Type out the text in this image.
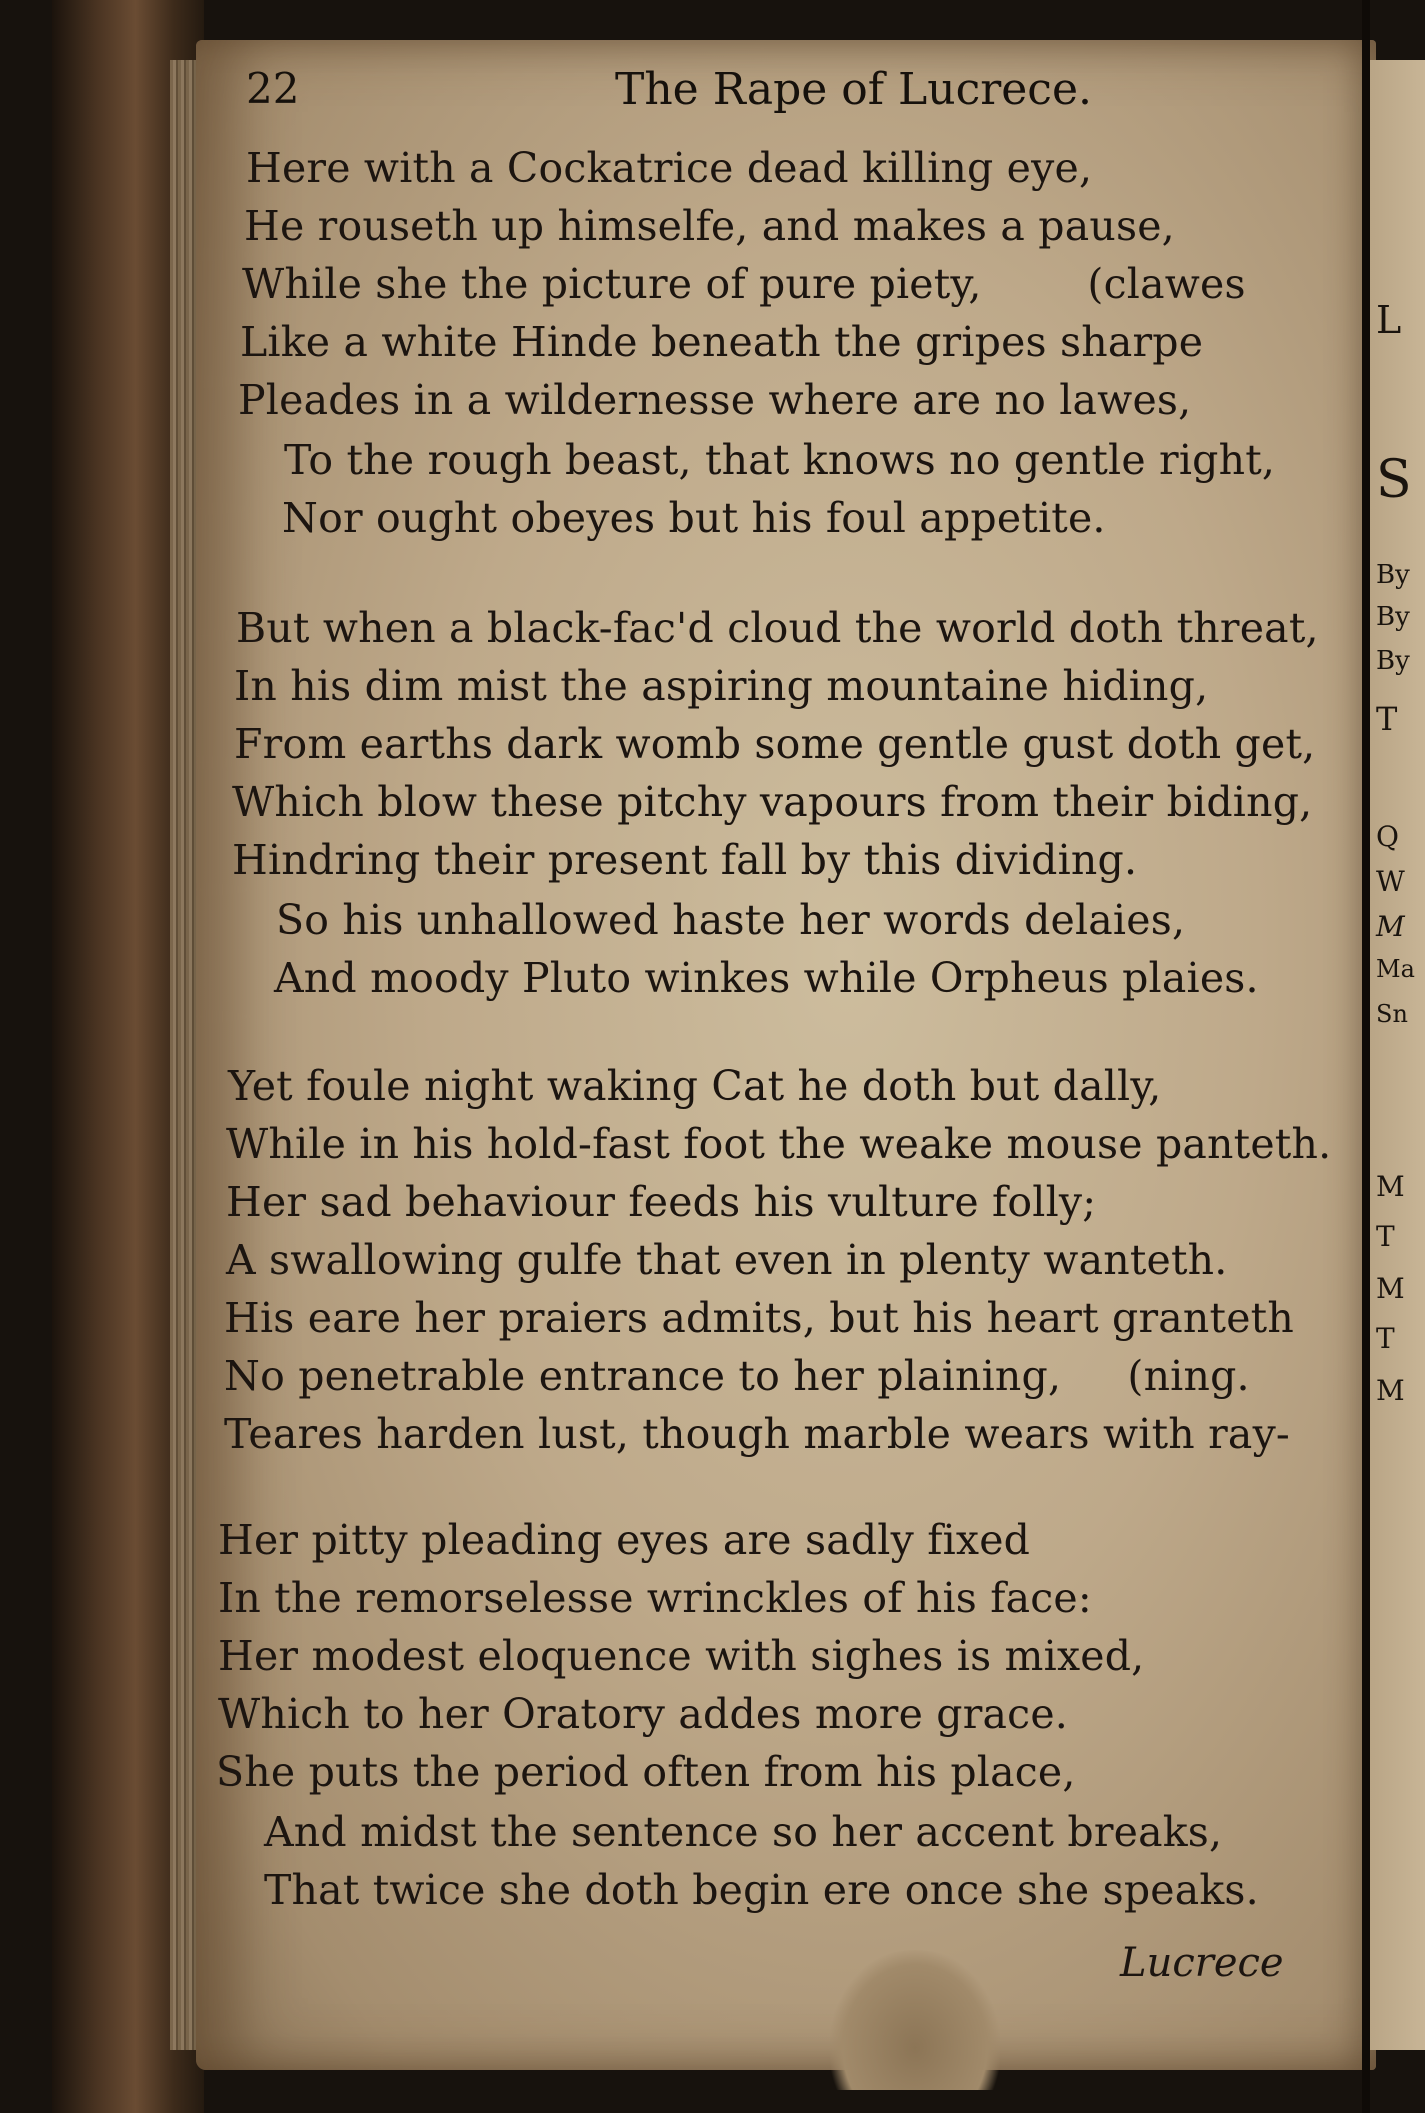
L
S
By
By
By
T
Q
W
M
Ma
Sn
M
T
M
T
M
22	The Rape of Lucrece.
Here with a Cockatrice dead killing eye,
He rouseth up himselfe, and makes a pause,
While she the picture of pure piety,        (clawes
Like a white Hinde beneath the gripes sharpe
Pleades in a wildernesse where are no lawes,
To the rough beast, that knows no gentle right,
Nor ought obeyes but his foul appetite.
But when a black-fac'd cloud the world doth threat,
In his dim mist the aspiring mountaine hiding,
From earths dark womb some gentle gust doth get,
Which blow these pitchy vapours from their biding,
Hindring their present fall by this dividing.
So his unhallowed haste her words delaies,
And moody Pluto winkes while Orpheus plaies.
Yet foule night waking Cat he doth but dally,
While in his hold-fast foot the weake mouse panteth.
Her sad behaviour feeds his vulture folly;
A swallowing gulfe that even in plenty wanteth.
His eare her praiers admits, but his heart granteth
No penetrable entrance to her plaining,     (ning.
Teares harden lust, though marble wears with ray-
Her pitty pleading eyes are sadly fixed
In the remorselesse wrinckles of his face:
Her modest eloquence with sighes is mixed,
Which to her Oratory addes more grace.
She puts the period often from his place,
And midst the sentence so her accent breaks,
That twice she doth begin ere once she speaks.
Lucrece
